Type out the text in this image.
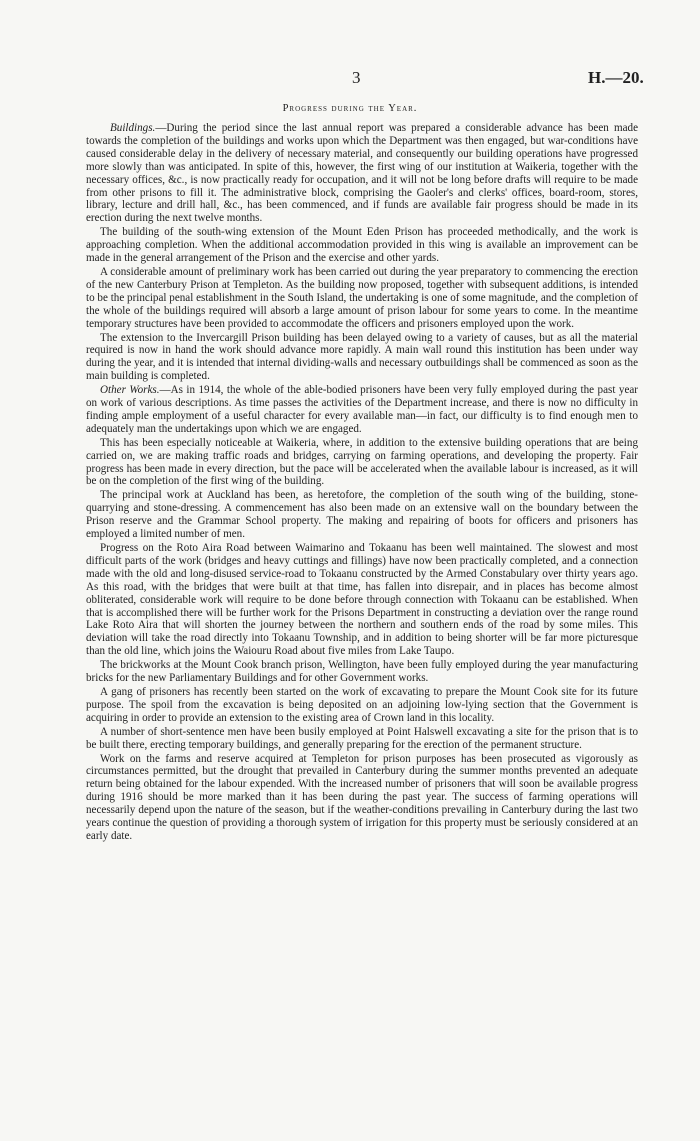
3	H.—20.
Progress during the Year.

Buildings.—During the period since the last annual report was prepared a considerable advance has been made towards the completion of the buildings and works upon which the Department was then engaged, but war-conditions have caused considerable delay in the delivery of necessary material, and consequently our building operations have progressed more slowly than was anticipated. In spite of this, however, the first wing of our institution at Waikeria, together with the necessary offices, &c., is now practically ready for occupation, and it will not be long before drafts will require to be made from other prisons to fill it. The administrative block, comprising the Gaoler's and clerks' offices, board-room, stores, library, lecture and drill hall, &c., has been commenced, and if funds are available fair progress should be made in its erection during the next twelve months.

The building of the south-wing extension of the Mount Eden Prison has proceeded methodically, and the work is approaching completion. When the additional accommodation provided in this wing is available an improvement can be made in the general arrangement of the Prison and the exercise and other yards.

A considerable amount of preliminary work has been carried out during the year preparatory to commencing the erection of the new Canterbury Prison at Templeton. As the building now proposed, together with subsequent additions, is intended to be the principal penal establishment in the South Island, the undertaking is one of some magnitude, and the completion of the whole of the buildings required will absorb a large amount of prison labour for some years to come. In the meantime temporary structures have been provided to accommodate the officers and prisoners employed upon the work.

The extension to the Invercargill Prison building has been delayed owing to a variety of causes, but as all the material required is now in hand the work should advance more rapidly. A main wall round this institution has been under way during the year, and it is intended that internal dividing-walls and necessary outbuildings shall be commenced as soon as the main building is completed.

Other Works.—As in 1914, the whole of the able-bodied prisoners have been very fully employed during the past year on work of various descriptions. As time passes the activities of the Department increase, and there is now no difficulty in finding ample employment of a useful character for every available man—in fact, our difficulty is to find enough men to adequately man the undertakings upon which we are engaged.

This has been especially noticeable at Waikeria, where, in addition to the extensive building operations that are being carried on, we are making traffic roads and bridges, carrying on farming operations, and developing the property. Fair progress has been made in every direction, but the pace will be accelerated when the available labour is increased, as it will be on the completion of the first wing of the building.

The principal work at Auckland has been, as heretofore, the completion of the south wing of the building, stone-quarrying and stone-dressing. A commencement has also been made on an extensive wall on the boundary between the Prison reserve and the Grammar School property. The making and repairing of boots for officers and prisoners has employed a limited number of men.

Progress on the Roto Aira Road between Waimarino and Tokaanu has been well maintained. The slowest and most difficult parts of the work (bridges and heavy cuttings and fillings) have now been practically completed, and a connection made with the old and long-disused service-road to Tokaanu constructed by the Armed Constabulary over thirty years ago. As this road, with the bridges that were built at that time, has fallen into disrepair, and in places has become almost obliterated, considerable work will require to be done before through connection with Tokaanu can be established. When that is accomplished there will be further work for the Prisons Department in constructing a deviation over the range round Lake Roto Aira that will shorten the journey between the northern and southern ends of the road by some miles. This deviation will take the road directly into Tokaanu Township, and in addition to being shorter will be far more picturesque than the old line, which joins the Waiouru Road about five miles from Lake Taupo.

The brickworks at the Mount Cook branch prison, Wellington, have been fully employed during the year manufacturing bricks for the new Parliamentary Buildings and for other Government works.

A gang of prisoners has recently been started on the work of excavating to prepare the Mount Cook site for its future purpose. The spoil from the excavation is being deposited on an adjoining low-lying section that the Government is acquiring in order to provide an extension to the existing area of Crown land in this locality.

A number of short-sentence men have been busily employed at Point Halswell excavating a site for the prison that is to be built there, erecting temporary buildings, and generally preparing for the erection of the permanent structure.

Work on the farms and reserve acquired at Templeton for prison purposes has been prosecuted as vigorously as circumstances permitted, but the drought that prevailed in Canterbury during the summer months prevented an adequate return being obtained for the labour expended. With the increased number of prisoners that will soon be available progress during 1916 should be more marked than it has been during the past year. The success of farming operations will necessarily depend upon the nature of the season, but if the weather-conditions prevailing in Canterbury during the last two years continue the question of providing a thorough system of irrigation for this property must be seriously considered at an early date.
